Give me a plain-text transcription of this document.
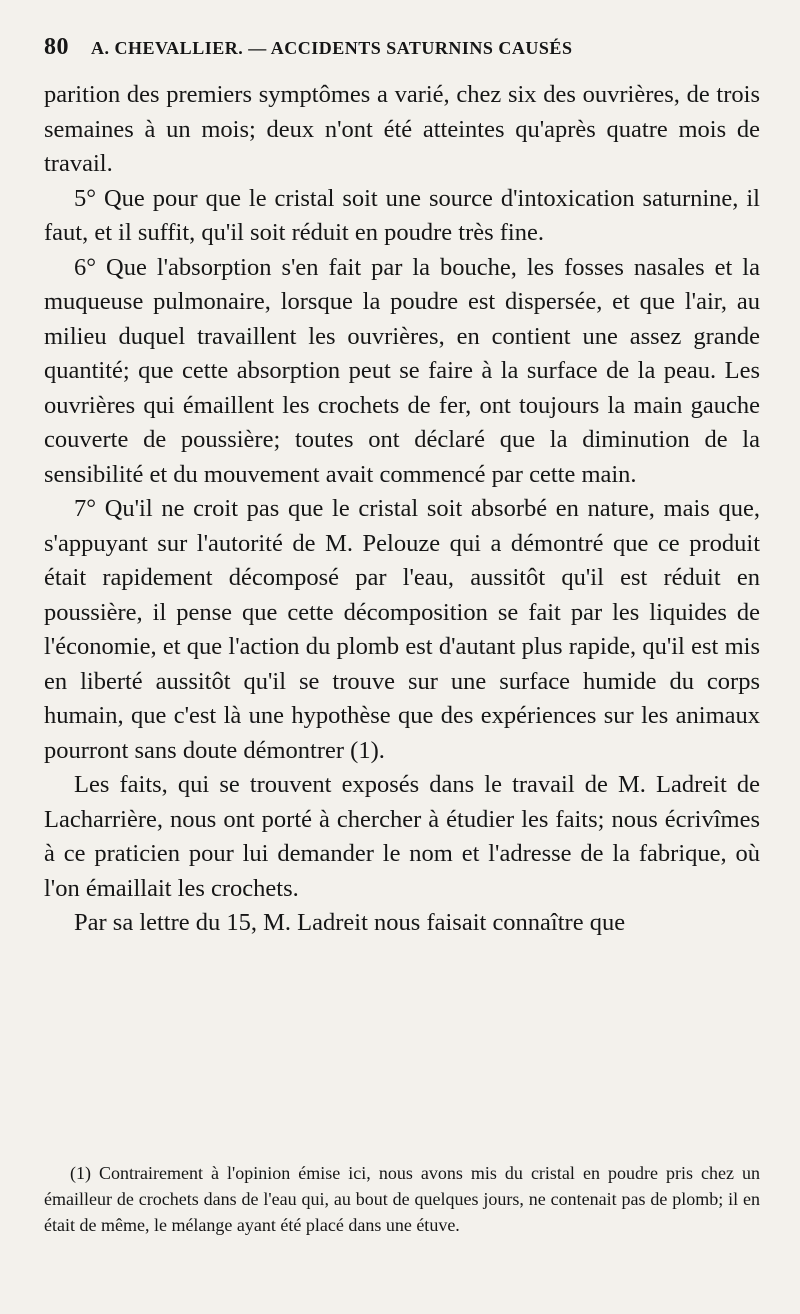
80 A. CHEVALLIER. — ACCIDENTS SATURNINS CAUSÉS

parition des premiers symptômes a varié, chez six des ouvrières, de trois semaines à un mois; deux n'ont été atteintes qu'après quatre mois de travail.

5° Que pour que le cristal soit une source d'intoxication saturnine, il faut, et il suffit, qu'il soit réduit en poudre très fine.

6° Que l'absorption s'en fait par la bouche, les fosses nasales et la muqueuse pulmonaire, lorsque la poudre est dispersée, et que l'air, au milieu duquel travaillent les ouvrières, en contient une assez grande quantité; que cette absorption peut se faire à la surface de la peau. Les ouvrières qui émaillent les crochets de fer, ont toujours la main gauche couverte de poussière; toutes ont déclaré que la diminution de la sensibilité et du mouvement avait commencé par cette main.

7° Qu'il ne croit pas que le cristal soit absorbé en nature, mais que, s'appuyant sur l'autorité de M. Pelouze qui a démontré que ce produit était rapidement décomposé par l'eau, aussitôt qu'il est réduit en poussière, il pense que cette décomposition se fait par les liquides de l'économie, et que l'action du plomb est d'autant plus rapide, qu'il est mis en liberté aussitôt qu'il se trouve sur une surface humide du corps humain, que c'est là une hypothèse que des expériences sur les animaux pourront sans doute démontrer (1).

Les faits, qui se trouvent exposés dans le travail de M. Ladreit de Lacharrière, nous ont porté à chercher à étudier les faits; nous écrivîmes à ce praticien pour lui demander le nom et l'adresse de la fabrique, où l'on émaillait les crochets.

Par sa lettre du 15, M. Ladreit nous faisait connaître que

(1) Contrairement à l'opinion émise ici, nous avons mis du cristal en poudre pris chez un émailleur de crochets dans de l'eau qui, au bout de quelques jours, ne contenait pas de plomb; il en était de même, le mélange ayant été placé dans une étuve.
